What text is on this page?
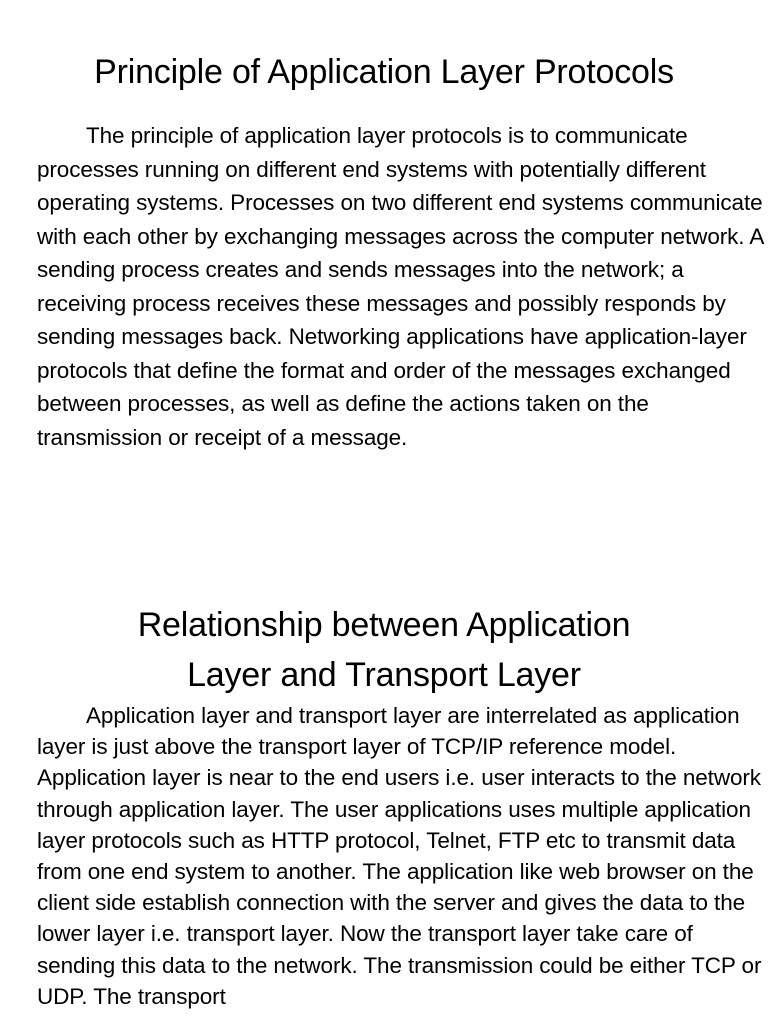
Principle of Application Layer Protocols

The principle of application layer protocols is to communicate processes running on different end systems with potentially different operating systems. Processes on two different end systems communicate with each other by exchanging messages across the computer network. A sending process creates and sends messages into the network; a receiving process receives these messages and possibly responds by sending messages back. Networking applications have application-layer protocols that define the format and order of the messages exchanged between processes, as well as define the actions taken on the transmission or receipt of a message.

Relationship between Application
Layer and Transport Layer

Application layer and transport layer are interrelated as application layer is just above the transport layer of TCP/IP reference model. Application layer is near to the end users i.e. user interacts to the network through application layer. The user applications uses multiple application layer protocols such as HTTP protocol, Telnet, FTP etc to transmit data from one end system to another. The application like web browser on the client side establish connection with the server and gives the data to the lower layer i.e. transport layer. Now the transport layer take care of sending this data to the network. The transmission could be either TCP or UDP. The transport
